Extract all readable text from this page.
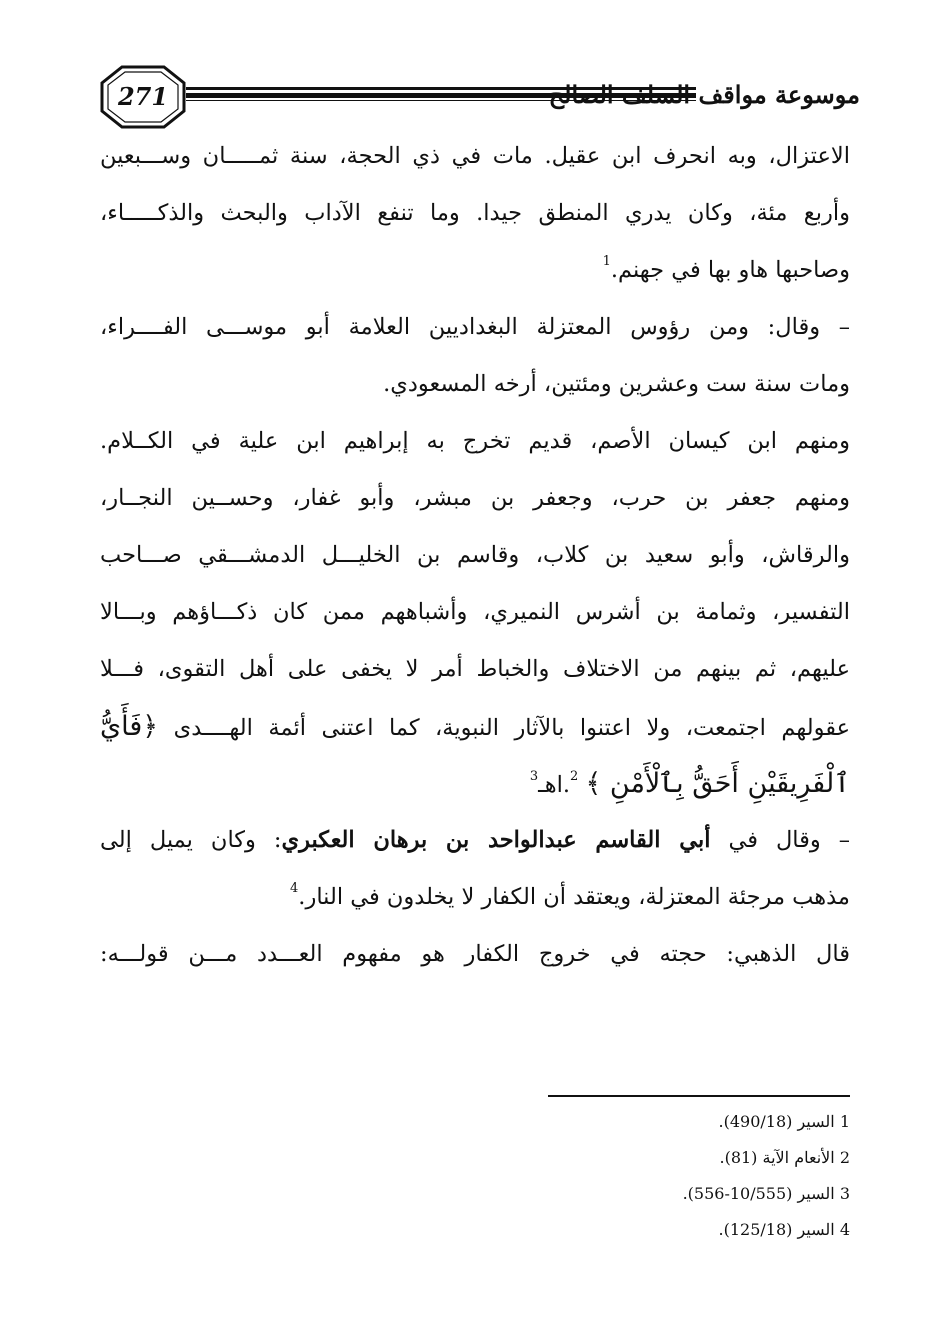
271	موسوعة مواقف السلف الصالح
الاعتزال، وبه انحرف ابن عقيل. مات في ذي الحجة، سنة ثمـــــان وســـبعين
وأربع مئة، وكان يدري المنطق جيدا. وما تنفع الآداب والبحث والذكـــــاء،
وصاحبها هاو بها في جهنم.$^1$
– وقال: ومن رؤوس المعتزلة البغداديين العلامة أبو موســـى الفــــراء،
ومات سنة ست وعشرين ومئتين، أرخه المسعودي.
ومنهم ابن كيسان الأصم، قديم تخرج به إبراهيم ابن علية في الكــلام.
ومنهم جعفر بن حرب، وجعفر بن مبشر، وأبو غفار، وحســين النجــار،
والرقاش، وأبو سعيد بن كلاب، وقاسم بن الخليـــل الدمشـــقي صـــاحب
التفسير، وثمامة بن أشرس النميري، وأشباههم ممن كان ذكـــاؤهم وبـــالا
عليهم، ثم بينهم من الاختلاف والخباط أمر لا يخفى على أهل التقوى، فـــلا
عقولهم اجتمعت، ولا اعتنوا بالآثار النبوية، كما اعتنى أئمة الهــــدى ﴿فَأَيُّ
ٱلْفَرِيقَيْنِ أَحَقُّ بِٱلْأَمْنِ ﴾ $^2$.اهـ$^3$
– وقال في أبي القاسم عبدالواحد بن برهان العكبري: وكان يميل إلى
مذهب مرجئة المعتزلة، ويعتقد أن الكفار لا يخلدون في النار.$^4$
قال الذهبي: حجته في خروج الكفار هو مفهوم العـــدد مـــن قولـــه:
1 السير (490/18).
2 الأنعام الآية (81).
3 السير (10/555-556).
4 السير (125/18).
